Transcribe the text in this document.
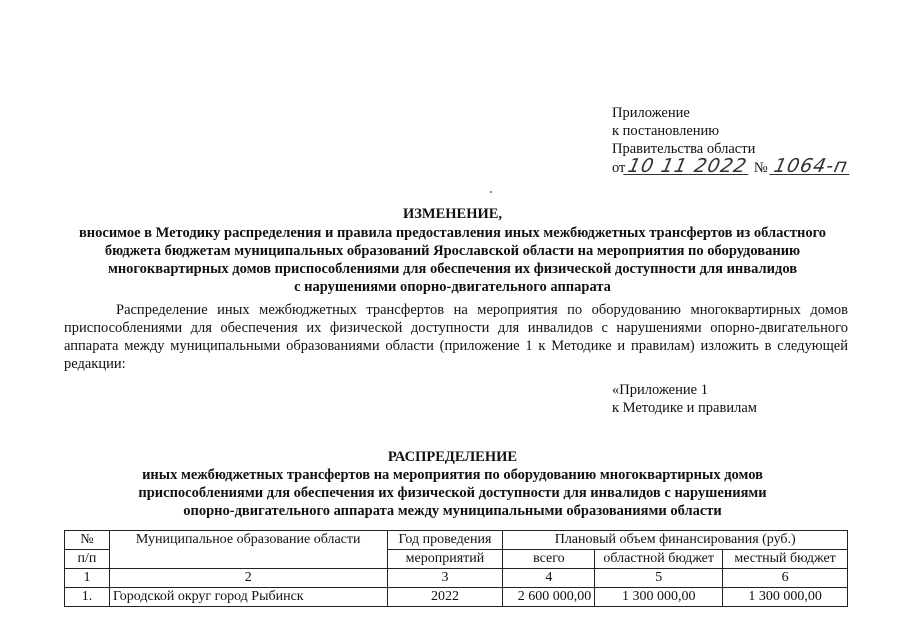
Приложение
к постановлению
Правительства области
от10 11 2022 № 1064-п
ИЗМЕНЕНИЕ,
вносимое в Методику распределения и правила предоставления иных межбюджетных трансфертов из областного
бюджета бюджетам муниципальных образований Ярославской области на мероприятия по оборудованию
многоквартирных домов приспособлениями для обеспечения их физической доступности для инвалидов
с нарушениями опорно-двигательного аппарата
Распределение иных межбюджетных трансфертов на мероприятия по оборудованию многоквартирных домов приспособлениями для обеспечения их физической доступности для инвалидов с нарушениями опорно-двигательного аппарата между муниципальными образованиями области (приложение 1 к Методике и правилам) изложить в следующей редакции:
«Приложение 1
к Методике и правилам
РАСПРЕДЕЛЕНИЕ
иных межбюджетных трансфертов на мероприятия по оборудованию многоквартирных домов
приспособлениями для обеспечения их физической доступности для инвалидов с нарушениями
опорно-двигательного аппарата между муниципальными образованиями области
№	Муниципальное образование области	Год проведения	Плановый объем финансирования (руб.)		
п/п		мероприятий	всего	областной бюджет	местный бюджет
1	2	3	4	5	6
1.	Городской округ город Рыбинск	2022	2 600 000,00	1 300 000,00	1 300 000,00
